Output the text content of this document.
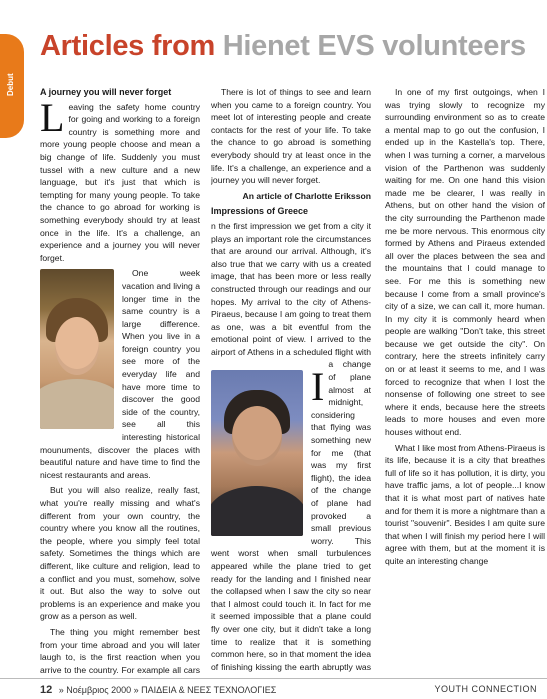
Debut
Articles from Hienet EVS volunteers
A journey you will never forget

Leaving the safety home country for going and working to a foreign country is something more and more young people choose and mean a big change of life. Suddenly you must tussel with a new culture and a new language, but it's just that which is tempting for many young people. To take the chance to go abroad for working is something everybody should try at least once in the life. It's a challenge, an experience and a journey you will never forget.

One week vacation and living a longer time in the same country is a large difference. When you live in a foreign country you see more of the everyday life and have more time to discover the good side of the country, see all this interesting historical mounuments, discover the places with beautiful nature and have time to find the nicest restaurants and areas.

But you will also realize, really fast, what you're really missing and what's different from your own country, the country where you know all the routines, the people, where you simply feel total safety. Sometimes the things which are different, like culture and religion, lead to a conflict and you must, somehow, solve it out. But also the way to solve out problems is an experience and make you grow as a person as well.

The thing you might remember best from your time abroad and you will later laugh to, is the first reaction when you arrive to the country. For example all cars

There is lot of things to see and learn when you came to a foreign country. You meet lot of interesting people and create contacts for the rest of your life. To take the chance to go abroad is something everybody should try at least once in the life. It's a challenge, an experience and a journey you will never forget.

An article of Charlotte Eriksson

Impressions of Greece

I
n the first impression we get from a city it plays an important role the circumstances that are around our arrival. Although, it's also true that we carry with us a created image, that has been more or less really constructed through our readings and our hopes. My arrival to the city of Athens-Piraeus, because I am going to treat them as one, was a bit eventful from the emotional point of view. I arrived to the airport of Athens in a scheduled flight with a change of plane almost at midnight, considering that flying was something new for me (that was my first flight), the idea of the change of plane had provoked a small previous worry. This went worst when small turbulences appeared while the plane tried to get ready for the landing and I finished near the collapsed when I saw the city so near that I almost could touch it. In fact for me it seemed impossible that a plane could fly over one city, but it didn't take a long time to realize that it is something common here, so in that moment the idea of finishing kissing the earth abruptly was

In one of my first outgoings, when I was trying slowly to recognize my surrounding environment so as to create a mental map to go out the confusion, I ended up in the Kastella's top. There, when I was turning a corner, a marvelous vision of the Parthenon was suddenly waiting for me. On one hand this vision made me be clearer, I was really in Athens, but on other hand the vision of the city surrounding the Parthenon made me be more nervous. This enormous city formed by Athens and Piraeus extended all over the places between the sea and the mountains that I could manage to see. For me this is something new because I come from a small province's city of a size, we can call it, more human. In my city it is commonly heard when people are walking "Don't take, this street because we get outside the city". On contrary, here the streets infinitely carry on or at least it seems to me, and I was forced to recognize that when I lost the nonsense of following one street to see where it ends, because here the streets leads to more houses and even more houses without end.

What I like most from Athens-Piraeus is its life, because it is a city that breathes full of life so it has pollution, it is dirty, you have traffic jams, a lot of people...I know that it is what most part of natives hate and for them it is more a nightmare than a tourist "souvenir". Besides I am quite sure that when I will finish my period here I will agree with them, but at the moment it is quite an interesting change

12 » Νοέμβριος 2000 » ΠΑΙΔΕΙΑ & ΝΕΕΣ ΤΕΧΝΟΛΟΓΙΕΣ	YOUTH CONNECTION
